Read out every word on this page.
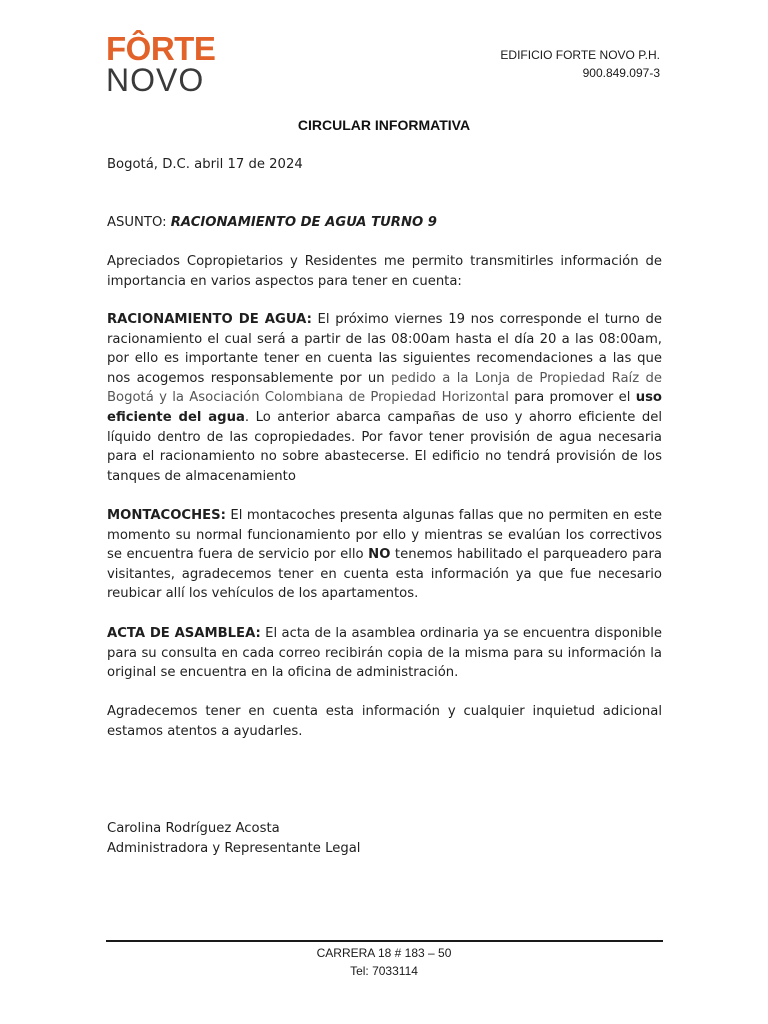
FÔRTE
NOVO
EDIFICIO FORTE NOVO P.H.
900.849.097-3
CIRCULAR INFORMATIVA
Bogotá, D.C. abril 17 de 2024
ASUNTO: RACIONAMIENTO DE AGUA TURNO 9
Apreciados Copropietarios y Residentes me permito transmitirles información de importancia en varios aspectos para tener en cuenta:
RACIONAMIENTO DE AGUA: El próximo viernes 19 nos corresponde el turno de racionamiento el cual será a partir de las 08:00am hasta el día 20 a las 08:00am, por ello es importante tener en cuenta las siguientes recomendaciones a las que nos acogemos responsablemente por un pedido a la Lonja de Propiedad Raíz de Bogotá y la Asociación Colombiana de Propiedad Horizontal para promover el uso eficiente del agua. Lo anterior abarca campañas de uso y ahorro eficiente del líquido dentro de las copropiedades. Por favor tener provisión de agua necesaria para el racionamiento no sobre abastecerse. El edificio no tendrá provisión de los tanques de almacenamiento
MONTACOCHES: El montacoches presenta algunas fallas que no permiten en este momento su normal funcionamiento por ello y mientras se evalúan los correctivos se encuentra fuera de servicio por ello NO tenemos habilitado el parqueadero para visitantes, agradecemos tener en cuenta esta información ya que fue necesario reubicar allí los vehículos de los apartamentos.
ACTA DE ASAMBLEA: El acta de la asamblea ordinaria ya se encuentra disponible para su consulta en cada correo recibirán copia de la misma para su información la original se encuentra en la oficina de administración.
Agradecemos tener en cuenta esta información y cualquier inquietud adicional estamos atentos a ayudarles.
Carolina Rodríguez Acosta
Administradora y Representante Legal
CARRERA 18 # 183 – 50
Tel: 7033114
